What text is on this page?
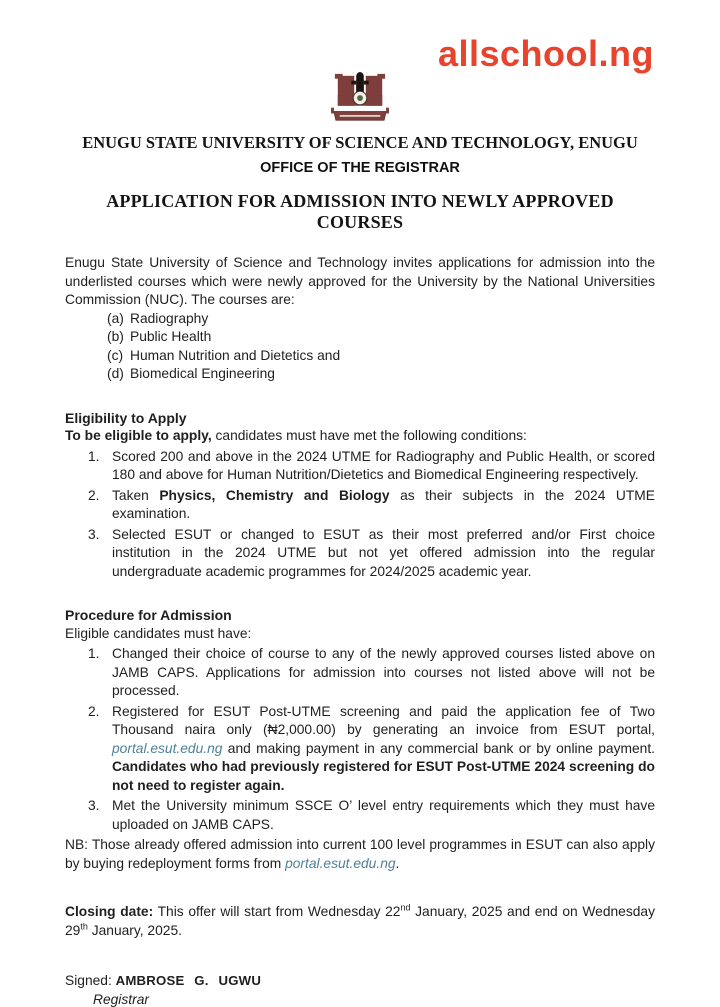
allschool.ng
ENUGU STATE UNIVERSITY OF SCIENCE AND TECHNOLOGY, ENUGU
OFFICE OF THE REGISTRAR
APPLICATION FOR ADMISSION INTO NEWLY APPROVED COURSES

Enugu State University of Science and Technology invites applications for admission into the underlisted courses which were newly approved for the University by the National Universities Commission (NUC). The courses are:

(a) Radiography
(b) Public Health
(c) Human Nutrition and Dietetics and
(d) Biomedical Engineering
Eligibility to Apply

To be eligible to apply, candidates must have met the following conditions:

1. Scored 200 and above in the 2024 UTME for Radiography and Public Health, or scored 180 and above for Human Nutrition/Dietetics and Biomedical Engineering respectively.
2. Taken Physics, Chemistry and Biology as their subjects in the 2024 UTME examination.
3. Selected ESUT or changed to ESUT as their most preferred and/or First choice institution in the 2024 UTME but not yet offered admission into the regular undergraduate academic programmes for 2024/2025 academic year.
Procedure for Admission

Eligible candidates must have:

1. Changed their choice of course to any of the newly approved courses listed above on JAMB CAPS. Applications for admission into courses not listed above will not be processed.
2. Registered for ESUT Post-UTME screening and paid the application fee of Two Thousand naira only (₦2,000.00) by generating an invoice from ESUT portal, portal.esut.edu.ng and making payment in any commercial bank or by online payment. Candidates who had previously registered for ESUT Post-UTME 2024 screening do not need to register again.
3. Met the University minimum SSCE O’ level entry requirements which they must have uploaded on JAMB CAPS.

NB: Those already offered admission into current 100 level programmes in ESUT can also apply by buying redeployment forms from portal.esut.edu.ng.

Closing date: This offer will start from Wednesday 22nd January, 2025 and end on Wednesday 29th January, 2025.

Signed: AMBROSE G. UGWU

Registrar
